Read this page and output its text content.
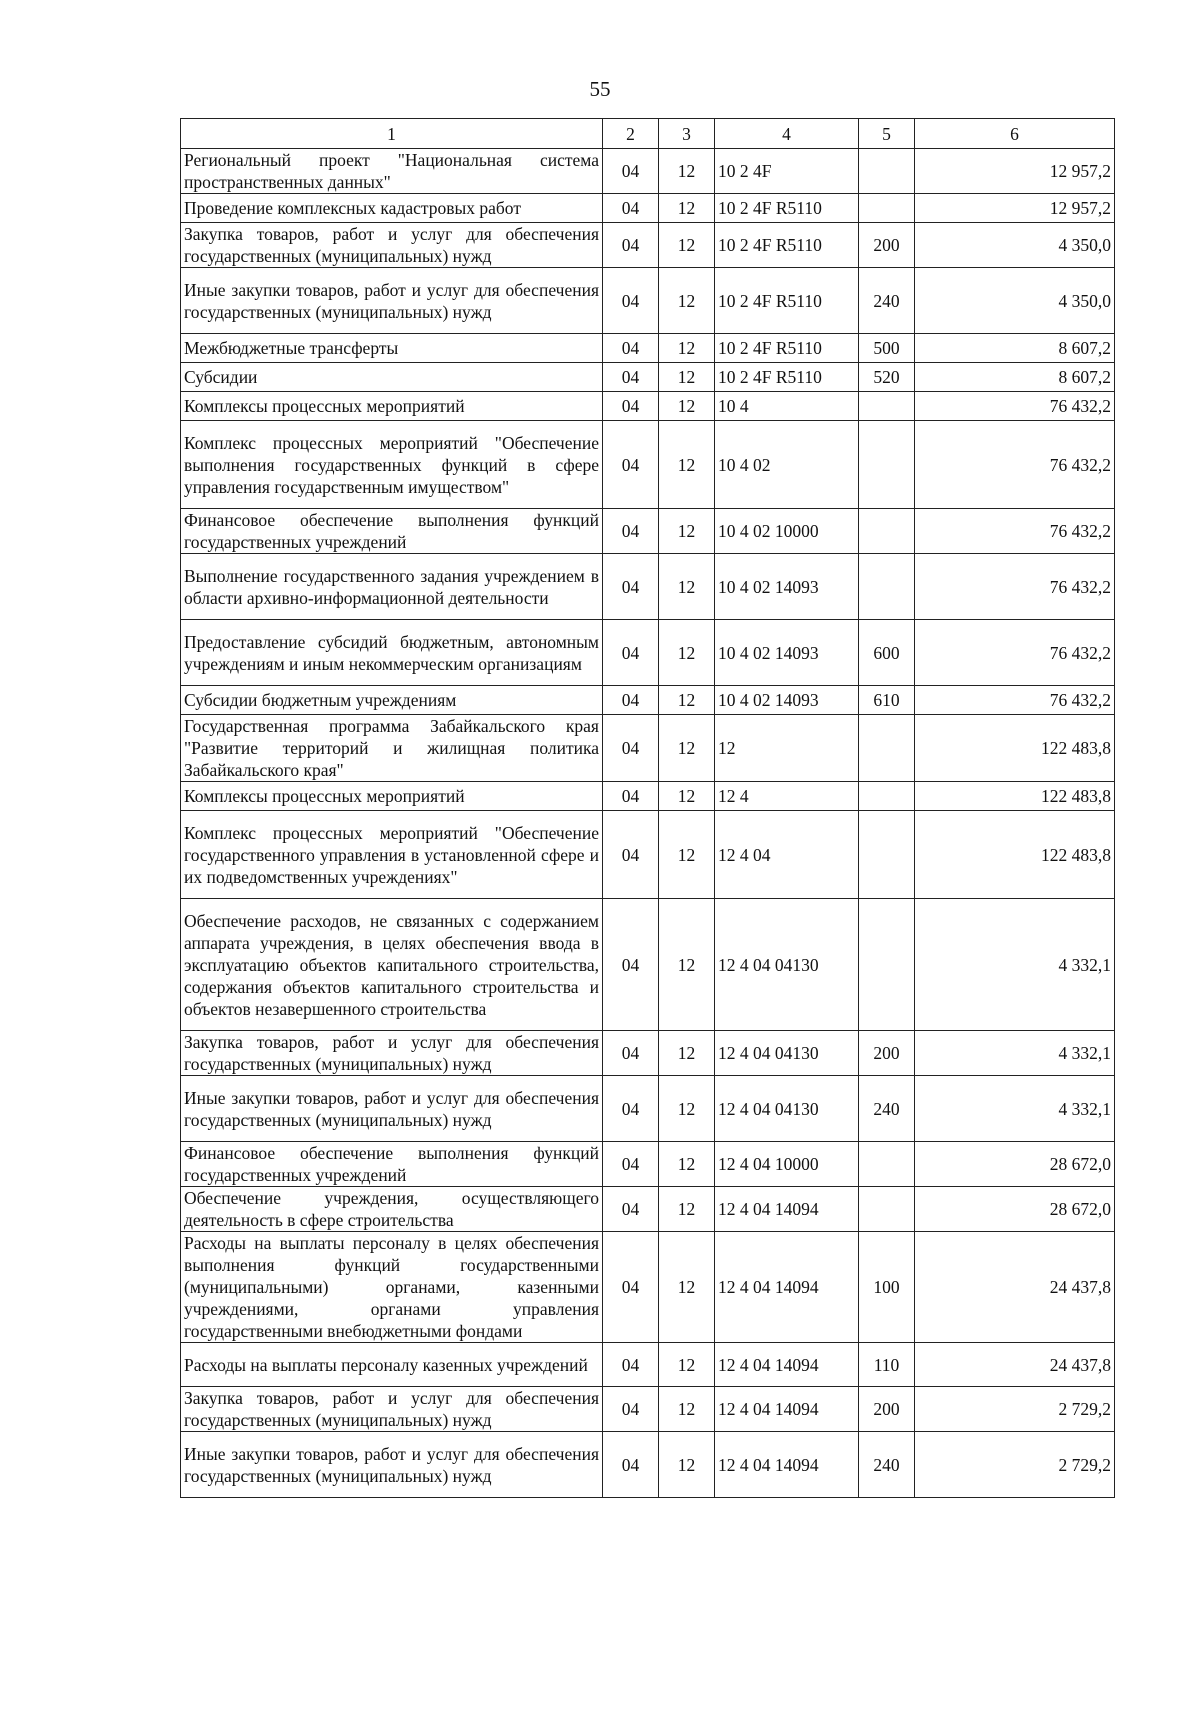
55
1	2	3	4	5	6
Региональный проект "Национальная система пространственных данных"	04	12	10 2 4F		12 957,2
Проведение комплексных кадастровых работ	04	12	10 2 4F R5110		12 957,2
Закупка товаров, работ и услуг для обеспечения государственных (муниципальных) нужд	04	12	10 2 4F R5110	200	4 350,0
Иные закупки товаров, работ и услуг для обеспечения государственных (муниципальных) нужд	04	12	10 2 4F R5110	240	4 350,0
Межбюджетные трансферты	04	12	10 2 4F R5110	500	8 607,2
Субсидии	04	12	10 2 4F R5110	520	8 607,2
Комплексы процессных мероприятий	04	12	10 4		76 432,2
Комплекс процессных мероприятий "Обеспечение выполнения государственных функций в сфере управления государственным имуществом"	04	12	10 4 02		76 432,2
Финансовое обеспечение выполнения функций государственных учреждений	04	12	10 4 02 10000		76 432,2
Выполнение государственного задания учреждением в области архивно-информационной деятельности	04	12	10 4 02 14093		76 432,2
Предоставление субсидий бюджетным, автономным учреждениям и иным некоммерческим организациям	04	12	10 4 02 14093	600	76 432,2
Субсидии бюджетным учреждениям	04	12	10 4 02 14093	610	76 432,2
Государственная программа Забайкальского края "Развитие территорий и жилищная политика Забайкальского края"	04	12	12		122 483,8
Комплексы процессных мероприятий	04	12	12 4		122 483,8
Комплекс процессных мероприятий "Обеспечение государственного управления в установленной сфере и их подведомственных учреждениях"	04	12	12 4 04		122 483,8
Обеспечение расходов, не связанных с содержанием аппарата учреждения, в целях обеспечения ввода в эксплуатацию объектов капитального строительства, содержания объектов капитального строительства и объектов незавершенного строительства	04	12	12 4 04 04130		4 332,1
Закупка товаров, работ и услуг для обеспечения государственных (муниципальных) нужд	04	12	12 4 04 04130	200	4 332,1
Иные закупки товаров, работ и услуг для обеспечения государственных (муниципальных) нужд	04	12	12 4 04 04130	240	4 332,1
Финансовое обеспечение выполнения функций государственных учреждений	04	12	12 4 04 10000		28 672,0
Обеспечение учреждения, осуществляющего деятельность в сфере строительства	04	12	12 4 04 14094		28 672,0
Расходы на выплаты персоналу в целях обеспечения выполнения функций государственными (муниципальными) органами, казенными учреждениями, органами управления государственными внебюджетными фондами	04	12	12 4 04 14094	100	24 437,8
Расходы на выплаты персоналу казенных учреждений	04	12	12 4 04 14094	110	24 437,8
Закупка товаров, работ и услуг для обеспечения государственных (муниципальных) нужд	04	12	12 4 04 14094	200	2 729,2
Иные закупки товаров, работ и услуг для обеспечения государственных (муниципальных) нужд	04	12	12 4 04 14094	240	2 729,2
